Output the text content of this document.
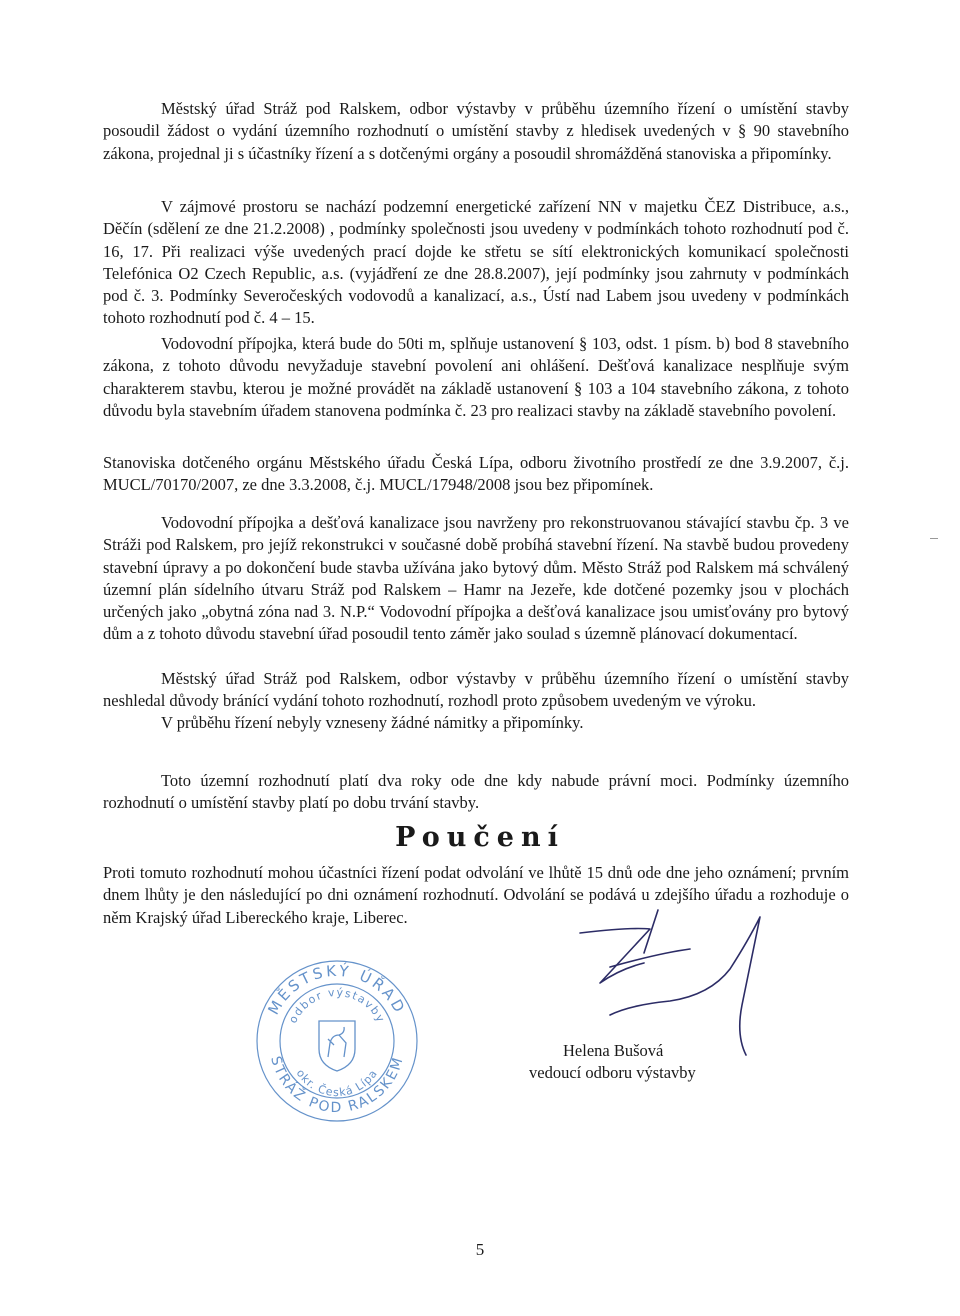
Městský úřad Stráž pod Ralskem, odbor výstavby v průběhu územního řízení o umístění stavby posoudil žádost o vydání územního rozhodnutí o umístění stavby z hledisek uvedených v § 90 stavebního zákona, projednal ji s účastníky řízení a s dotčenými orgány a posoudil shromážděná stanoviska a připomínky.

V zájmové prostoru se nachází podzemní energetické zařízení NN v majetku ČEZ Distribuce, a.s., Děčín (sdělení ze dne 21.2.2008) , podmínky společnosti jsou uvedeny v podmínkách tohoto rozhodnutí pod č. 16, 17. Při realizaci výše uvedených prací dojde ke střetu se sítí elektronických komunikací společnosti Telefónica O2 Czech Republic, a.s. (vyjádření ze dne 28.8.2007), její podmínky jsou zahrnuty v podmínkách pod č. 3. Podmínky Severočeských vodovodů a kanalizací, a.s., Ústí nad Labem jsou uvedeny v podmínkách tohoto rozhodnutí pod č. 4 – 15.

Vodovodní přípojka, která bude do 50ti m, splňuje ustanovení § 103, odst. 1 písm. b) bod 8 stavebního zákona, z tohoto důvodu nevyžaduje stavební povolení ani ohlášení. Dešťová kanalizace nesplňuje svým charakterem stavbu, kterou je možné provádět na základě ustanovení § 103 a 104 stavebního zákona, z tohoto důvodu byla stavebním úřadem stanovena podmínka č. 23 pro realizaci stavby na základě stavebního povolení.

Stanoviska dotčeného orgánu Městského úřadu Česká Lípa, odboru životního prostředí ze dne 3.9.2007, č.j. MUCL/70170/2007, ze dne 3.3.2008, č.j. MUCL/17948/2008 jsou bez připomínek.

Vodovodní přípojka a dešťová kanalizace jsou navrženy pro rekonstruovanou stávající stavbu čp. 3 ve Stráži pod Ralskem, pro jejíž rekonstrukci v současné době probíhá stavební řízení. Na stavbě budou provedeny stavební úpravy a po dokončení bude stavba užívána jako bytový dům. Město Stráž pod Ralskem má schválený územní plán sídelního útvaru Stráž pod Ralskem – Hamr na Jezeře, kde dotčené pozemky jsou v plochách určených jako „obytná zóna nad 3. N.P.“ Vodovodní přípojka a dešťová kanalizace jsou umisťovány pro bytový dům a z tohoto důvodu stavební úřad posoudil tento záměr jako soulad s územně plánovací dokumentací.

Městský úřad Stráž pod Ralskem, odbor výstavby v průběhu územního řízení o umístění stavby neshledal důvody bránící vydání tohoto rozhodnutí, rozhodl proto způsobem uvedeným ve výroku.

V průběhu řízení nebyly vzneseny žádné námitky a připomínky.

Toto územní rozhodnutí platí dva roky ode dne kdy nabude právní moci. Podmínky územního rozhodnutí o umístění stavby platí po dobu trvání stavby.

Poučení

Proti tomuto rozhodnutí mohou účastníci řízení podat odvolání ve lhůtě 15 dnů ode dne jeho oznámení; prvním dnem lhůty je den následující po dni oznámení rozhodnutí. Odvolání se podává u zdejšího úřadu a rozhoduje o něm Krajský úřad Libereckého kraje, Liberec.

MĚSTSKÝ ÚŘAD
odbor výstavby
STRÁŽ POD RALSKEM
okr. Česká Lípa

Helena Bušová

vedoucí odboru výstavby

5
